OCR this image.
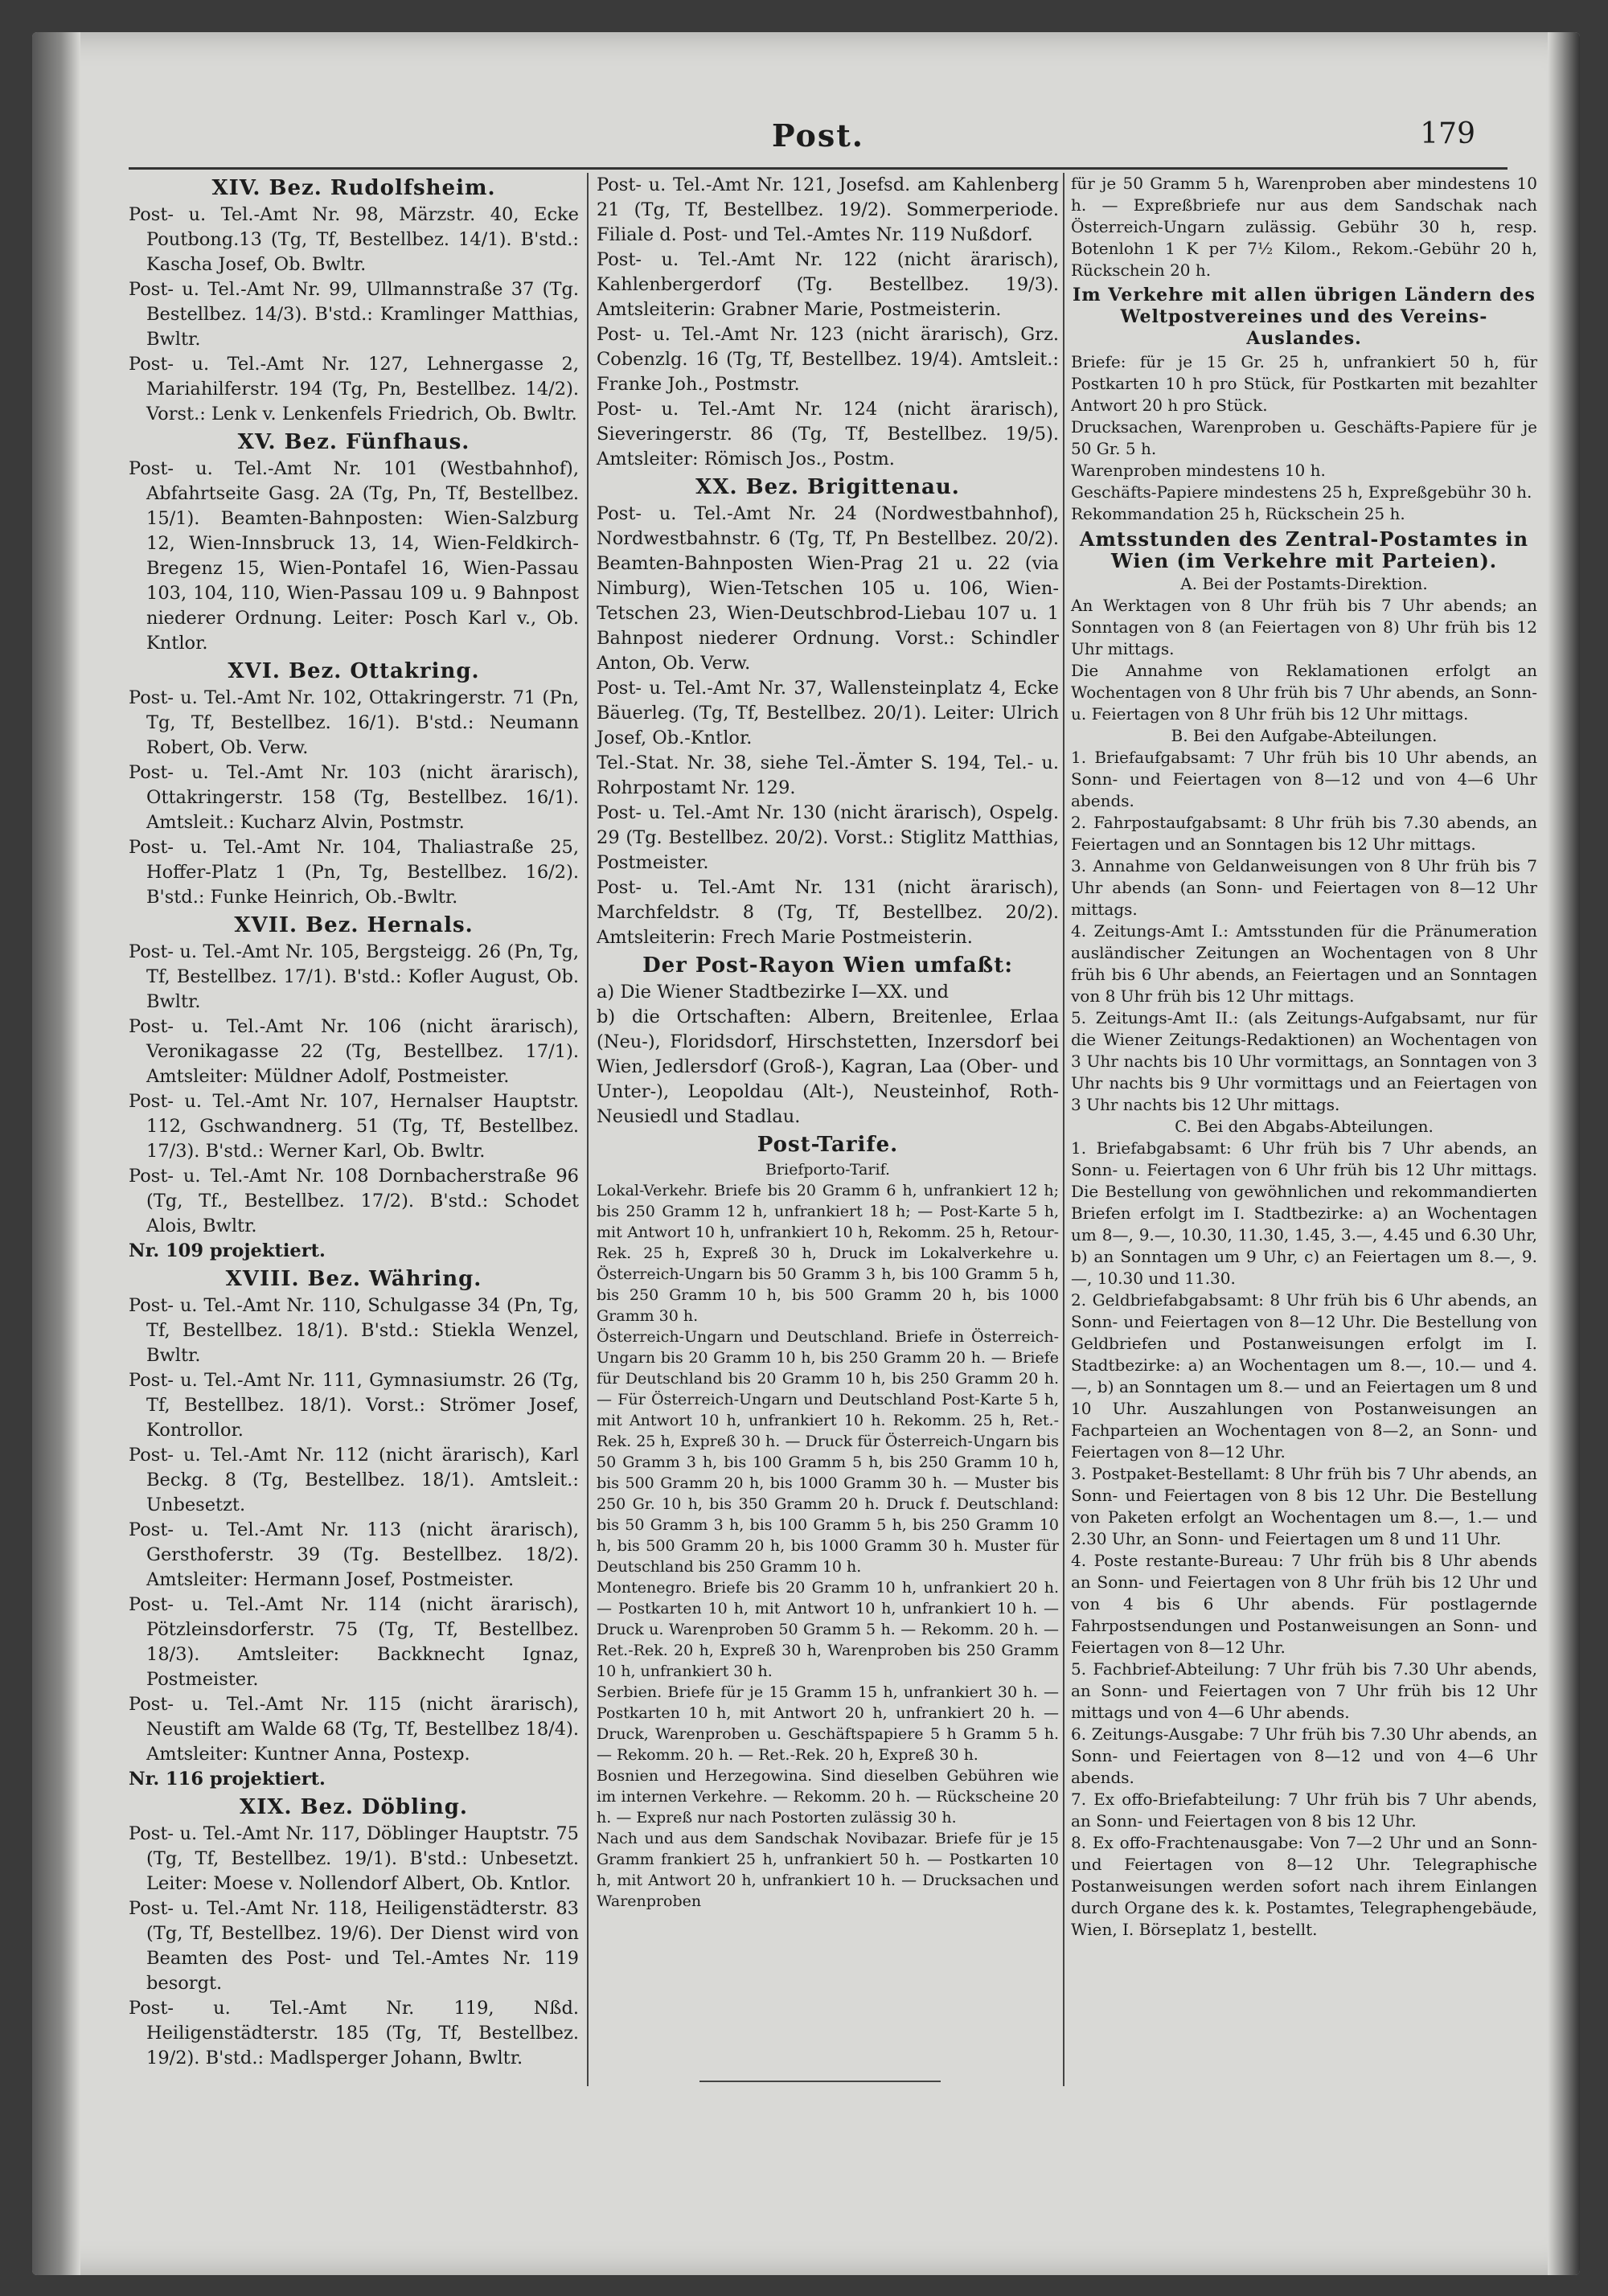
Post.	179
XIV. Bez. Rudolfsheim.

Post- u. Tel.-Amt Nr. 98, Märzstr. 40, Ecke Poutbong.13 (Tg, Tf, Bestellbez. 14/1). B'std.: Kascha Josef, Ob. Bwltr.

Post- u. Tel.-Amt Nr. 99, Ullmannstraße 37 (Tg. Bestellbez. 14/3). B'std.: Kramlinger Matthias, Bwltr.

Post- u. Tel.-Amt Nr. 127, Lehnergasse 2, Mariahilferstr. 194 (Tg, Pn, Bestellbez. 14/2). Vorst.: Lenk v. Lenkenfels Friedrich, Ob. Bwltr.

XV. Bez. Fünfhaus.

Post- u. Tel.-Amt Nr. 101 (Westbahnhof), Abfahrtseite Gasg. 2A (Tg, Pn, Tf, Bestellbez. 15/1). Beamten-Bahnposten: Wien-Salzburg 12, Wien-Innsbruck 13, 14, Wien-Feldkirch-Bregenz 15, Wien-Pontafel 16, Wien-Passau 103, 104, 110, Wien-Passau 109 u. 9 Bahnpost niederer Ordnung. Leiter: Posch Karl v., Ob. Kntlor.

XVI. Bez. Ottakring.

Post- u. Tel.-Amt Nr. 102, Ottakringerstr. 71 (Pn, Tg, Tf, Bestellbez. 16/1). B'std.: Neumann Robert, Ob. Verw.

Post- u. Tel.-Amt Nr. 103 (nicht ärarisch), Ottakringerstr. 158 (Tg, Bestellbez. 16/1). Amtsleit.: Kucharz Alvin, Postmstr.

Post- u. Tel.-Amt Nr. 104, Thaliastraße 25, Hoffer-Platz 1 (Pn, Tg, Bestellbez. 16/2). B'std.: Funke Heinrich, Ob.-Bwltr.

XVII. Bez. Hernals.

Post- u. Tel.-Amt Nr. 105, Bergsteigg. 26 (Pn, Tg, Tf, Bestellbez. 17/1). B'std.: Kofler August, Ob. Bwltr.

Post- u. Tel.-Amt Nr. 106 (nicht ärarisch), Veronikagasse 22 (Tg, Bestellbez. 17/1). Amtsleiter: Müldner Adolf, Postmeister.

Post- u. Tel.-Amt Nr. 107, Hernalser Hauptstr. 112, Gschwandnerg. 51 (Tg, Tf, Bestellbez. 17/3). B'std.: Werner Karl, Ob. Bwltr.

Post- u. Tel.-Amt Nr. 108 Dornbacherstraße 96 (Tg, Tf., Bestellbez. 17/2). B'std.: Schodet Alois, Bwltr.

Nr. 109 projektiert.

XVIII. Bez. Währing.

Post- u. Tel.-Amt Nr. 110, Schulgasse 34 (Pn, Tg, Tf, Bestellbez. 18/1). B'std.: Stiekla Wenzel, Bwltr.

Post- u. Tel.-Amt Nr. 111, Gymnasiumstr. 26 (Tg, Tf, Bestellbez. 18/1). Vorst.: Strömer Josef, Kontrollor.

Post- u. Tel.-Amt Nr. 112 (nicht ärarisch), Karl Beckg. 8 (Tg, Bestellbez. 18/1). Amtsleit.: Unbesetzt.

Post- u. Tel.-Amt Nr. 113 (nicht ärarisch), Gersthoferstr. 39 (Tg. Bestellbez. 18/2). Amtsleiter: Hermann Josef, Postmeister.

Post- u. Tel.-Amt Nr. 114 (nicht ärarisch), Pötzleinsdorferstr. 75 (Tg, Tf, Bestellbez. 18/3). Amtsleiter: Backknecht Ignaz, Postmeister.

Post- u. Tel.-Amt Nr. 115 (nicht ärarisch), Neustift am Walde 68 (Tg, Tf, Bestellbez 18/4). Amtsleiter: Kuntner Anna, Postexp.

Nr. 116 projektiert.

XIX. Bez. Döbling.

Post- u. Tel.-Amt Nr. 117, Döblinger Hauptstr. 75 (Tg, Tf, Bestellbez. 19/1). B'std.: Unbesetzt. Leiter: Moese v. Nollendorf Albert, Ob. Kntlor.

Post- u. Tel.-Amt Nr. 118, Heiligenstädterstr. 83 (Tg, Tf, Bestellbez. 19/6). Der Dienst wird von Beamten des Post- und Tel.-Amtes Nr. 119 besorgt.

Post- u. Tel.-Amt Nr. 119, Nßd. Heiligenstädterstr. 185 (Tg, Tf, Bestellbez. 19/2). B'std.: Madlsperger Johann, Bwltr.

Post- u. Tel.-Amt Nr. 121, Josefsd. am Kahlenberg 21 (Tg, Tf, Bestellbez. 19/2). Sommerperiode. Filiale d. Post- und Tel.-Amtes Nr. 119 Nußdorf.

Post- u. Tel.-Amt Nr. 122 (nicht ärarisch), Kahlenbergerdorf (Tg. Bestellbez. 19/3). Amtsleiterin: Grabner Marie, Postmeisterin.

Post- u. Tel.-Amt Nr. 123 (nicht ärarisch), Grz. Cobenzlg. 16 (Tg, Tf, Bestellbez. 19/4). Amtsleit.: Franke Joh., Postmstr.

Post- u. Tel.-Amt Nr. 124 (nicht ärarisch), Sieveringerstr. 86 (Tg, Tf, Bestellbez. 19/5). Amtsleiter: Römisch Jos., Postm.

XX. Bez. Brigittenau.

Post- u. Tel.-Amt Nr. 24 (Nordwestbahnhof), Nordwestbahnstr. 6 (Tg, Tf, Pn Bestellbez. 20/2). Beamten-Bahnposten Wien-Prag 21 u. 22 (via Nimburg), Wien-Tetschen 105 u. 106, Wien-Tetschen 23, Wien-Deutschbrod-Liebau 107 u. 1 Bahnpost niederer Ordnung. Vorst.: Schindler Anton, Ob. Verw.

Post- u. Tel.-Amt Nr. 37, Wallensteinplatz 4, Ecke Bäuerleg. (Tg, Tf, Bestellbez. 20/1). Leiter: Ulrich Josef, Ob.-Kntlor.

Tel.-Stat. Nr. 38, siehe Tel.-Ämter S. 194, Tel.- u. Rohrpostamt Nr. 129.

Post- u. Tel.-Amt Nr. 130 (nicht ärarisch), Ospelg. 29 (Tg. Bestellbez. 20/2). Vorst.: Stiglitz Matthias, Postmeister.

Post- u. Tel.-Amt Nr. 131 (nicht ärarisch), Marchfeldstr. 8 (Tg, Tf, Bestellbez. 20/2). Amtsleiterin: Frech Marie Postmeisterin.

Der Post-Rayon Wien umfaßt:

a) Die Wiener Stadtbezirke I—XX. und

b) die Ortschaften: Albern, Breitenlee, Erlaa (Neu-), Floridsdorf, Hirschstetten, Inzersdorf bei Wien, Jedlersdorf (Groß-), Kagran, Laa (Ober- und Unter-), Leopoldau (Alt-), Neusteinhof, Roth-Neusiedl und Stadlau.

Post-Tarife.
Briefporto-Tarif.

Lokal-Verkehr. Briefe bis 20 Gramm 6 h, unfrankiert 12 h; bis 250 Gramm 12 h, unfrankiert 18 h; — Post-Karte 5 h, mit Antwort 10 h, unfrankiert 10 h, Rekomm. 25 h, Retour-Rek. 25 h, Expreß 30 h, Druck im Lokalverkehre u. Österreich-Ungarn bis 50 Gramm 3 h, bis 100 Gramm 5 h, bis 250 Gramm 10 h, bis 500 Gramm 20 h, bis 1000 Gramm 30 h.

Österreich-Ungarn und Deutschland. Briefe in Österreich-Ungarn bis 20 Gramm 10 h, bis 250 Gramm 20 h. — Briefe für Deutschland bis 20 Gramm 10 h, bis 250 Gramm 20 h. — Für Österreich-Ungarn und Deutschland Post-Karte 5 h, mit Antwort 10 h, unfrankiert 10 h. Rekomm. 25 h, Ret.-Rek. 25 h, Expreß 30 h. — Druck für Österreich-Ungarn bis 50 Gramm 3 h, bis 100 Gramm 5 h, bis 250 Gramm 10 h, bis 500 Gramm 20 h, bis 1000 Gramm 30 h. — Muster bis 250 Gr. 10 h, bis 350 Gramm 20 h. Druck f. Deutschland: bis 50 Gramm 3 h, bis 100 Gramm 5 h, bis 250 Gramm 10 h, bis 500 Gramm 20 h, bis 1000 Gramm 30 h. Muster für Deutschland bis 250 Gramm 10 h.

Montenegro. Briefe bis 20 Gramm 10 h, unfrankiert 20 h. — Postkarten 10 h, mit Antwort 10 h, unfrankiert 10 h. — Druck u. Warenproben 50 Gramm 5 h. — Rekomm. 20 h. — Ret.-Rek. 20 h, Expreß 30 h, Warenproben bis 250 Gramm 10 h, unfrankiert 30 h.

Serbien. Briefe für je 15 Gramm 15 h, unfrankiert 30 h. — Postkarten 10 h, mit Antwort 20 h, unfrankiert 20 h. — Druck, Warenproben u. Geschäftspapiere 5 h Gramm 5 h. — Rekomm. 20 h. — Ret.-Rek. 20 h, Expreß 30 h.

Bosnien und Herzegowina. Sind dieselben Gebühren wie im internen Verkehre. — Rekomm. 20 h. — Rückscheine 20 h. — Expreß nur nach Postorten zulässig 30 h.

Nach und aus dem Sandschak Novibazar. Briefe für je 15 Gramm frankiert 25 h, unfrankiert 50 h. — Postkarten 10 h, mit Antwort 20 h, unfrankiert 10 h. — Drucksachen und Warenproben

für je 50 Gramm 5 h, Warenproben aber mindestens 10 h. — Expreßbriefe nur aus dem Sandschak nach Österreich-Ungarn zulässig. Gebühr 30 h, resp. Botenlohn 1 K per 7½ Kilom., Rekom.-Gebühr 20 h, Rückschein 20 h.

Im Verkehre mit allen übrigen Ländern des Weltpostvereines und des Vereins-Auslandes.

Briefe: für je 15 Gr. 25 h, unfrankiert 50 h, für Postkarten 10 h pro Stück, für Postkarten mit bezahlter Antwort 20 h pro Stück.

Drucksachen, Warenproben u. Geschäfts-Papiere für je 50 Gr. 5 h.

Warenproben mindestens 10 h.

Geschäfts-Papiere mindestens 25 h, Expreßgebühr 30 h.

Rekommandation 25 h, Rückschein 25 h.

Amtsstunden des Zentral-Postamtes in Wien (im Verkehre mit Parteien).
A. Bei der Postamts-Direktion.

An Werktagen von 8 Uhr früh bis 7 Uhr abends; an Sonntagen von 8 (an Feiertagen von 8) Uhr früh bis 12 Uhr mittags.

Die Annahme von Reklamationen erfolgt an Wochentagen von 8 Uhr früh bis 7 Uhr abends, an Sonn- u. Feiertagen von 8 Uhr früh bis 12 Uhr mittags.

B. Bei den Aufgabe-Abteilungen.

1. Briefaufgabsamt: 7 Uhr früh bis 10 Uhr abends, an Sonn- und Feiertagen von 8—12 und von 4—6 Uhr abends.

2. Fahrpostaufgabsamt: 8 Uhr früh bis 7.30 abends, an Feiertagen und an Sonntagen bis 12 Uhr mittags.

3. Annahme von Geldanweisungen von 8 Uhr früh bis 7 Uhr abends (an Sonn- und Feiertagen von 8—12 Uhr mittags.

4. Zeitungs-Amt I.: Amtsstunden für die Pränumeration ausländischer Zeitungen an Wochentagen von 8 Uhr früh bis 6 Uhr abends, an Feiertagen und an Sonntagen von 8 Uhr früh bis 12 Uhr mittags.

5. Zeitungs-Amt II.: (als Zeitungs-Aufgabsamt, nur für die Wiener Zeitungs-Redaktionen) an Wochentagen von 3 Uhr nachts bis 10 Uhr vormittags, an Sonntagen von 3 Uhr nachts bis 9 Uhr vormittags und an Feiertagen von 3 Uhr nachts bis 12 Uhr mittags.

C. Bei den Abgabs-Abteilungen.

1. Briefabgabsamt: 6 Uhr früh bis 7 Uhr abends, an Sonn- u. Feiertagen von 6 Uhr früh bis 12 Uhr mittags. Die Bestellung von gewöhnlichen und rekommandierten Briefen erfolgt im I. Stadtbezirke: a) an Wochentagen um 8—, 9.—, 10.30, 11.30, 1.45, 3.—, 4.45 und 6.30 Uhr, b) an Sonntagen um 9 Uhr, c) an Feiertagen um 8.—, 9.—, 10.30 und 11.30.

2. Geldbriefabgabsamt: 8 Uhr früh bis 6 Uhr abends, an Sonn- und Feiertagen von 8—12 Uhr. Die Bestellung von Geldbriefen und Postanweisungen erfolgt im I. Stadtbezirke: a) an Wochentagen um 8.—, 10.— und 4.—, b) an Sonntagen um 8.— und an Feiertagen um 8 und 10 Uhr. Auszahlungen von Postanweisungen an Fachparteien an Wochentagen von 8—2, an Sonn- und Feiertagen von 8—12 Uhr.

3. Postpaket-Bestellamt: 8 Uhr früh bis 7 Uhr abends, an Sonn- und Feiertagen von 8 bis 12 Uhr. Die Bestellung von Paketen erfolgt an Wochentagen um 8.—, 1.— und 2.30 Uhr, an Sonn- und Feiertagen um 8 und 11 Uhr.

4. Poste restante-Bureau: 7 Uhr früh bis 8 Uhr abends an Sonn- und Feiertagen von 8 Uhr früh bis 12 Uhr und von 4 bis 6 Uhr abends. Für postlagernde Fahrpostsendungen und Postanweisungen an Sonn- und Feiertagen von 8—12 Uhr.

5. Fachbrief-Abteilung: 7 Uhr früh bis 7.30 Uhr abends, an Sonn- und Feiertagen von 7 Uhr früh bis 12 Uhr mittags und von 4—6 Uhr abends.

6. Zeitungs-Ausgabe: 7 Uhr früh bis 7.30 Uhr abends, an Sonn- und Feiertagen von 8—12 und von 4—6 Uhr abends.

7. Ex offo-Briefabteilung: 7 Uhr früh bis 7 Uhr abends, an Sonn- und Feiertagen von 8 bis 12 Uhr.

8. Ex offo-Frachtenausgabe: Von 7—2 Uhr und an Sonn- und Feiertagen von 8—12 Uhr. Telegraphische Postanweisungen werden sofort nach ihrem Einlangen durch Organe des k. k. Postamtes, Telegraphengebäude, Wien, I. Börseplatz 1, bestellt.
